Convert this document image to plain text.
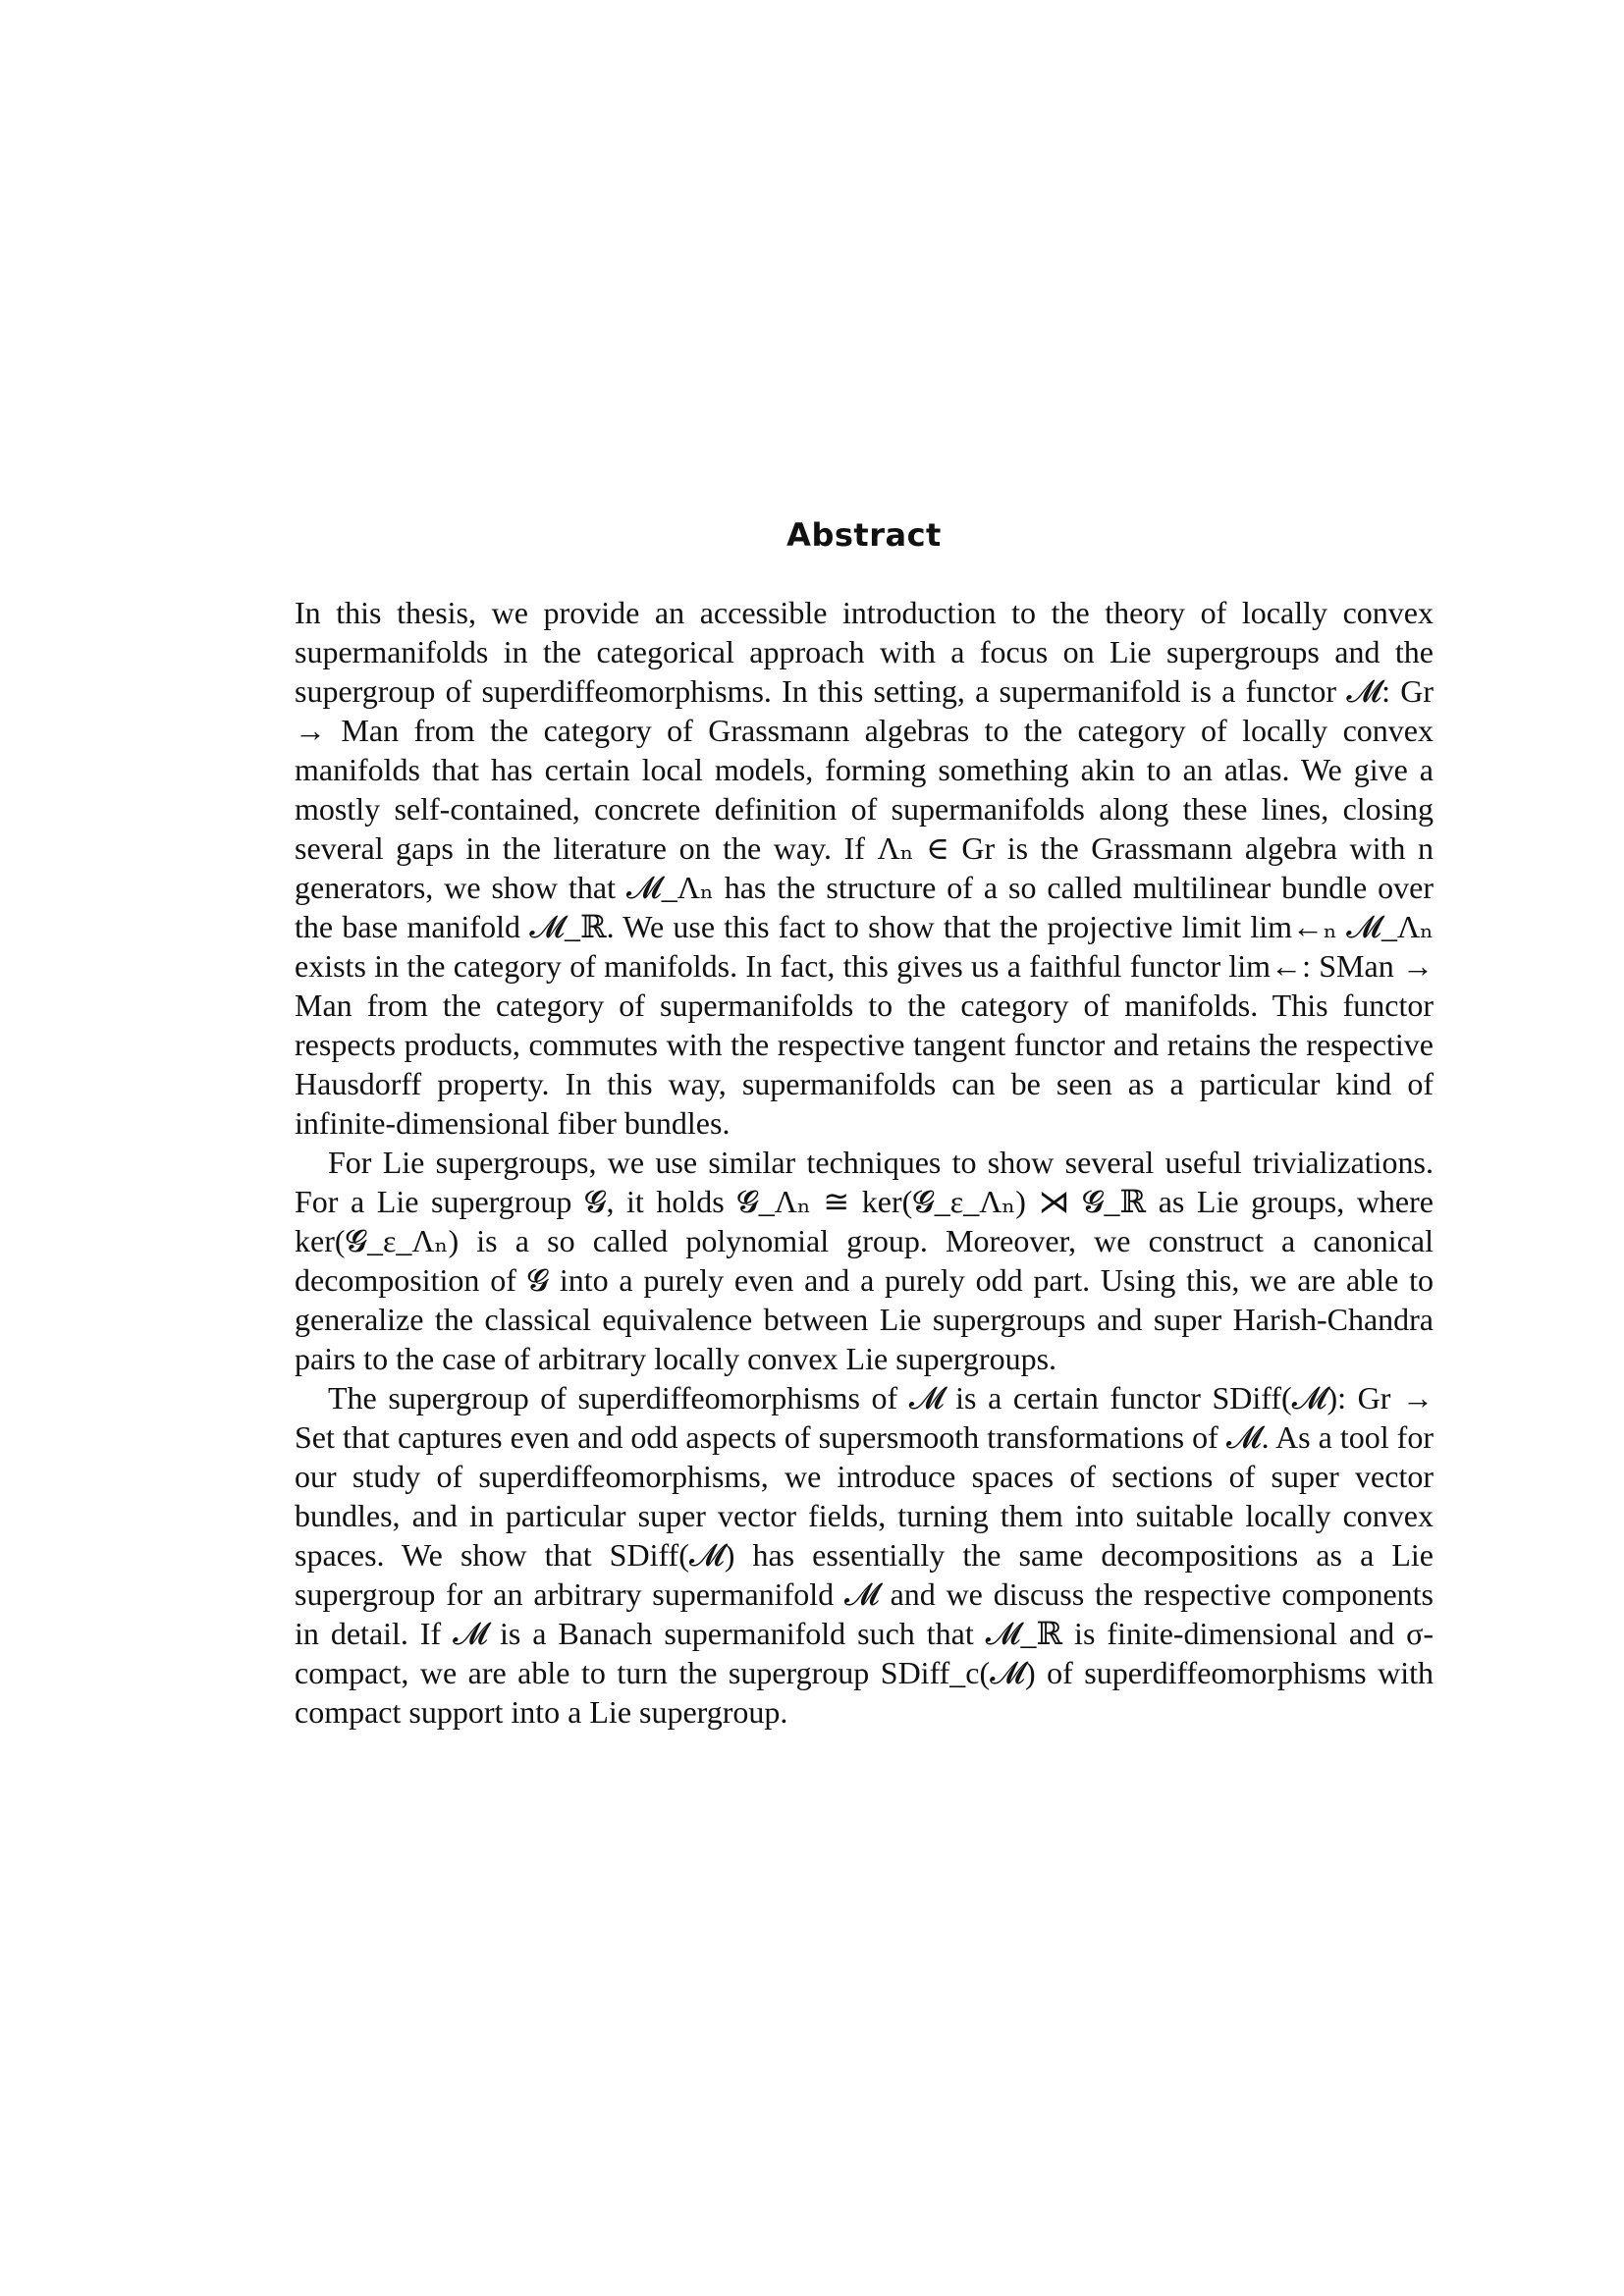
Abstract

In this thesis, we provide an accessible introduction to the theory of locally convex supermanifolds in the categorical approach with a focus on Lie supergroups and the supergroup of superdiffeomorphisms. In this setting, a supermanifold is a functor 𝓜: Gr → Man from the category of Grassmann algebras to the category of locally convex manifolds that has certain local models, forming something akin to an atlas. We give a mostly self-contained, concrete definition of supermanifolds along these lines, closing several gaps in the literature on the way. If Λₙ ∈ Gr is the Grassmann algebra with n generators, we show that 𝓜_Λₙ has the structure of a so called multilinear bundle over the base manifold 𝓜_ℝ. We use this fact to show that the projective limit lim←ₙ 𝓜_Λₙ exists in the category of manifolds. In fact, this gives us a faithful functor lim←: SMan → Man from the category of supermanifolds to the category of manifolds. This functor respects products, commutes with the respective tangent functor and retains the respective Hausdorff property. In this way, supermanifolds can be seen as a particular kind of infinite-dimensional fiber bundles.

For Lie supergroups, we use similar techniques to show several useful trivializations. For a Lie supergroup 𝓖, it holds 𝓖_Λₙ ≅ ker(𝓖_ε_Λₙ) ⋊ 𝓖_ℝ as Lie groups, where ker(𝓖_ε_Λₙ) is a so called polynomial group. Moreover, we construct a canonical decomposition of 𝓖 into a purely even and a purely odd part. Using this, we are able to generalize the classical equivalence between Lie supergroups and super Harish-Chandra pairs to the case of arbitrary locally convex Lie supergroups.

The supergroup of superdiffeomorphisms of 𝓜 is a certain functor SDiff(𝓜): Gr → Set that captures even and odd aspects of supersmooth transformations of 𝓜. As a tool for our study of superdiffeomorphisms, we introduce spaces of sections of super vector bundles, and in particular super vector fields, turning them into suitable locally convex spaces. We show that SDiff(𝓜) has essentially the same decompositions as a Lie supergroup for an arbitrary supermanifold 𝓜 and we discuss the respective components in detail. If 𝓜 is a Banach supermanifold such that 𝓜_ℝ is finite-dimensional and σ-compact, we are able to turn the supergroup SDiff_c(𝓜) of superdiffeomorphisms with compact support into a Lie supergroup.
